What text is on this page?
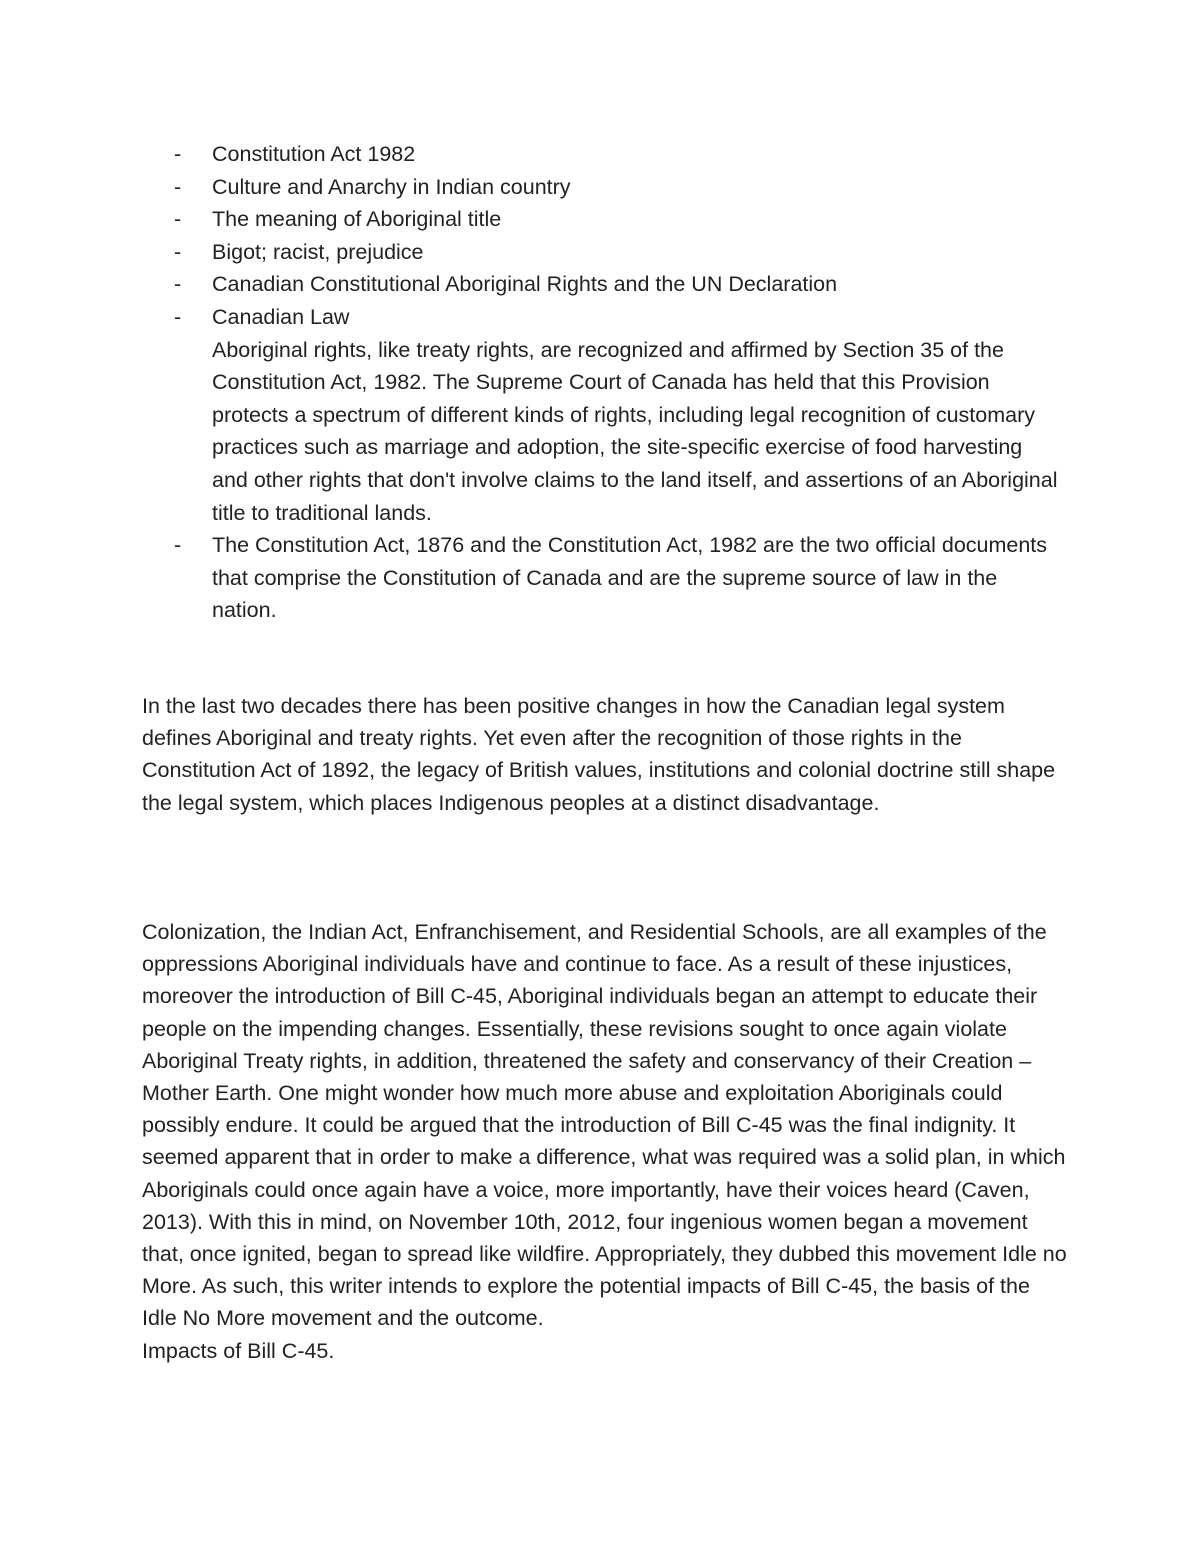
- Constitution Act 1982
- Culture and Anarchy in Indian country
- The meaning of Aboriginal title
- Bigot; racist, prejudice
- Canadian Constitutional Aboriginal Rights and the UN Declaration
- Canadian Law
Aboriginal rights, like treaty rights, are recognized and affirmed by Section 35 of the Constitution Act, 1982. The Supreme Court of Canada has held that this Provision protects a spectrum of different kinds of rights, including legal recognition of customary practices such as marriage and adoption, the site-specific exercise of food harvesting and other rights that don't involve claims to the land itself, and assertions of an Aboriginal title to traditional lands.
- The Constitution Act, 1876 and the Constitution Act, 1982 are the two official documents that comprise the Constitution of Canada and are the supreme source of law in the nation.

In the last two decades there has been positive changes in how the Canadian legal system defines Aboriginal and treaty rights. Yet even after the recognition of those rights in the Constitution Act of 1892, the legacy of British values, institutions and colonial doctrine still shape the legal system, which places Indigenous peoples at a distinct disadvantage.

Colonization, the Indian Act, Enfranchisement, and Residential Schools, are all examples of the oppressions Aboriginal individuals have and continue to face. As a result of these injustices, moreover the introduction of Bill C-45, Aboriginal individuals began an attempt to educate their people on the impending changes. Essentially, these revisions sought to once again violate Aboriginal Treaty rights, in addition, threatened the safety and conservancy of their Creation – Mother Earth. One might wonder how much more abuse and exploitation Aboriginals could possibly endure. It could be argued that the introduction of Bill C-45 was the final indignity. It seemed apparent that in order to make a difference, what was required was a solid plan, in which Aboriginals could once again have a voice, more importantly, have their voices heard (Caven, 2013). With this in mind, on November 10th, 2012, four ingenious women began a movement that, once ignited, began to spread like wildfire. Appropriately, they dubbed this movement Idle no More. As such, this writer intends to explore the potential impacts of Bill C-45, the basis of the Idle No More movement and the outcome.
Impacts of Bill C-45.
